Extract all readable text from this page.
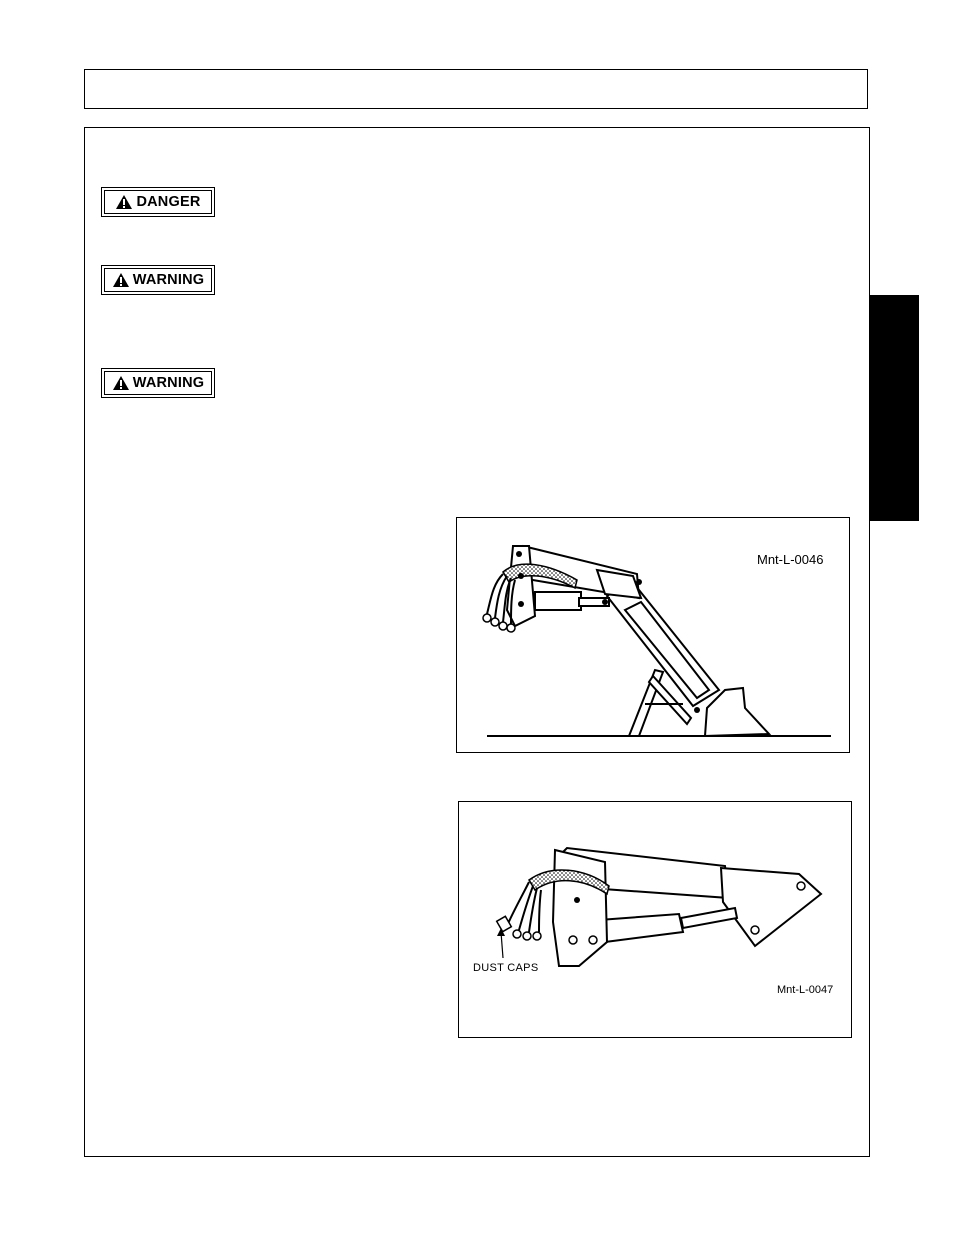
DANGER
WARNING
WARNING
Mnt-L-0046
DUST CAPS
Mnt-L-0047
